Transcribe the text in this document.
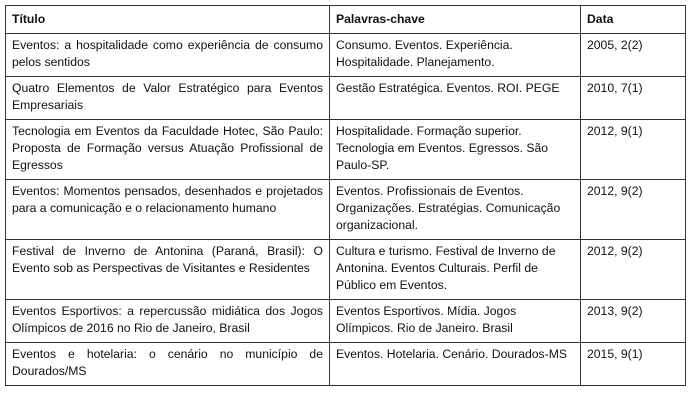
Título	Palavras-chave	Data
Eventos: a hospitalidade como experiência de consumo pelos sentidos	Consumo. Eventos. Experiência. Hospitalidade. Planejamento.	2005, 2(2)
Quatro Elementos de Valor Estratégico para Eventos Empresariais	Gestão Estratégica. Eventos. ROI. PEGE	2010, 7(1)
Tecnologia em Eventos da Faculdade Hotec, São Paulo: Proposta de Formação versus Atuação Profissional de Egressos	Hospitalidade. Formação superior. Tecnologia em Eventos. Egressos. São Paulo-SP.	2012, 9(1)
Eventos: Momentos pensados, desenhados e projetados para a comunicação e o relacionamento humano	Eventos. Profissionais de Eventos. Organizações. Estratégias. Comunicação organizacional.	2012, 9(2)
Festival de Inverno de Antonina (Paraná, Brasil): O Evento sob as Perspectivas de Visitantes e Residentes	Cultura e turismo. Festival de Inverno de Antonina. Eventos Culturais. Perfil de Público em Eventos.	2012, 9(2)
Eventos Esportivos: a repercussão midiática dos Jogos Olímpicos de 2016 no Rio de Janeiro, Brasil	Eventos Esportivos. Mídia. Jogos Olímpicos. Rio de Janeiro. Brasil	2013, 9(2)
Eventos e hotelaria: o cenário no município de Dourados/MS	Eventos. Hotelaria. Cenário. Dourados-MS	2015, 9(1)
